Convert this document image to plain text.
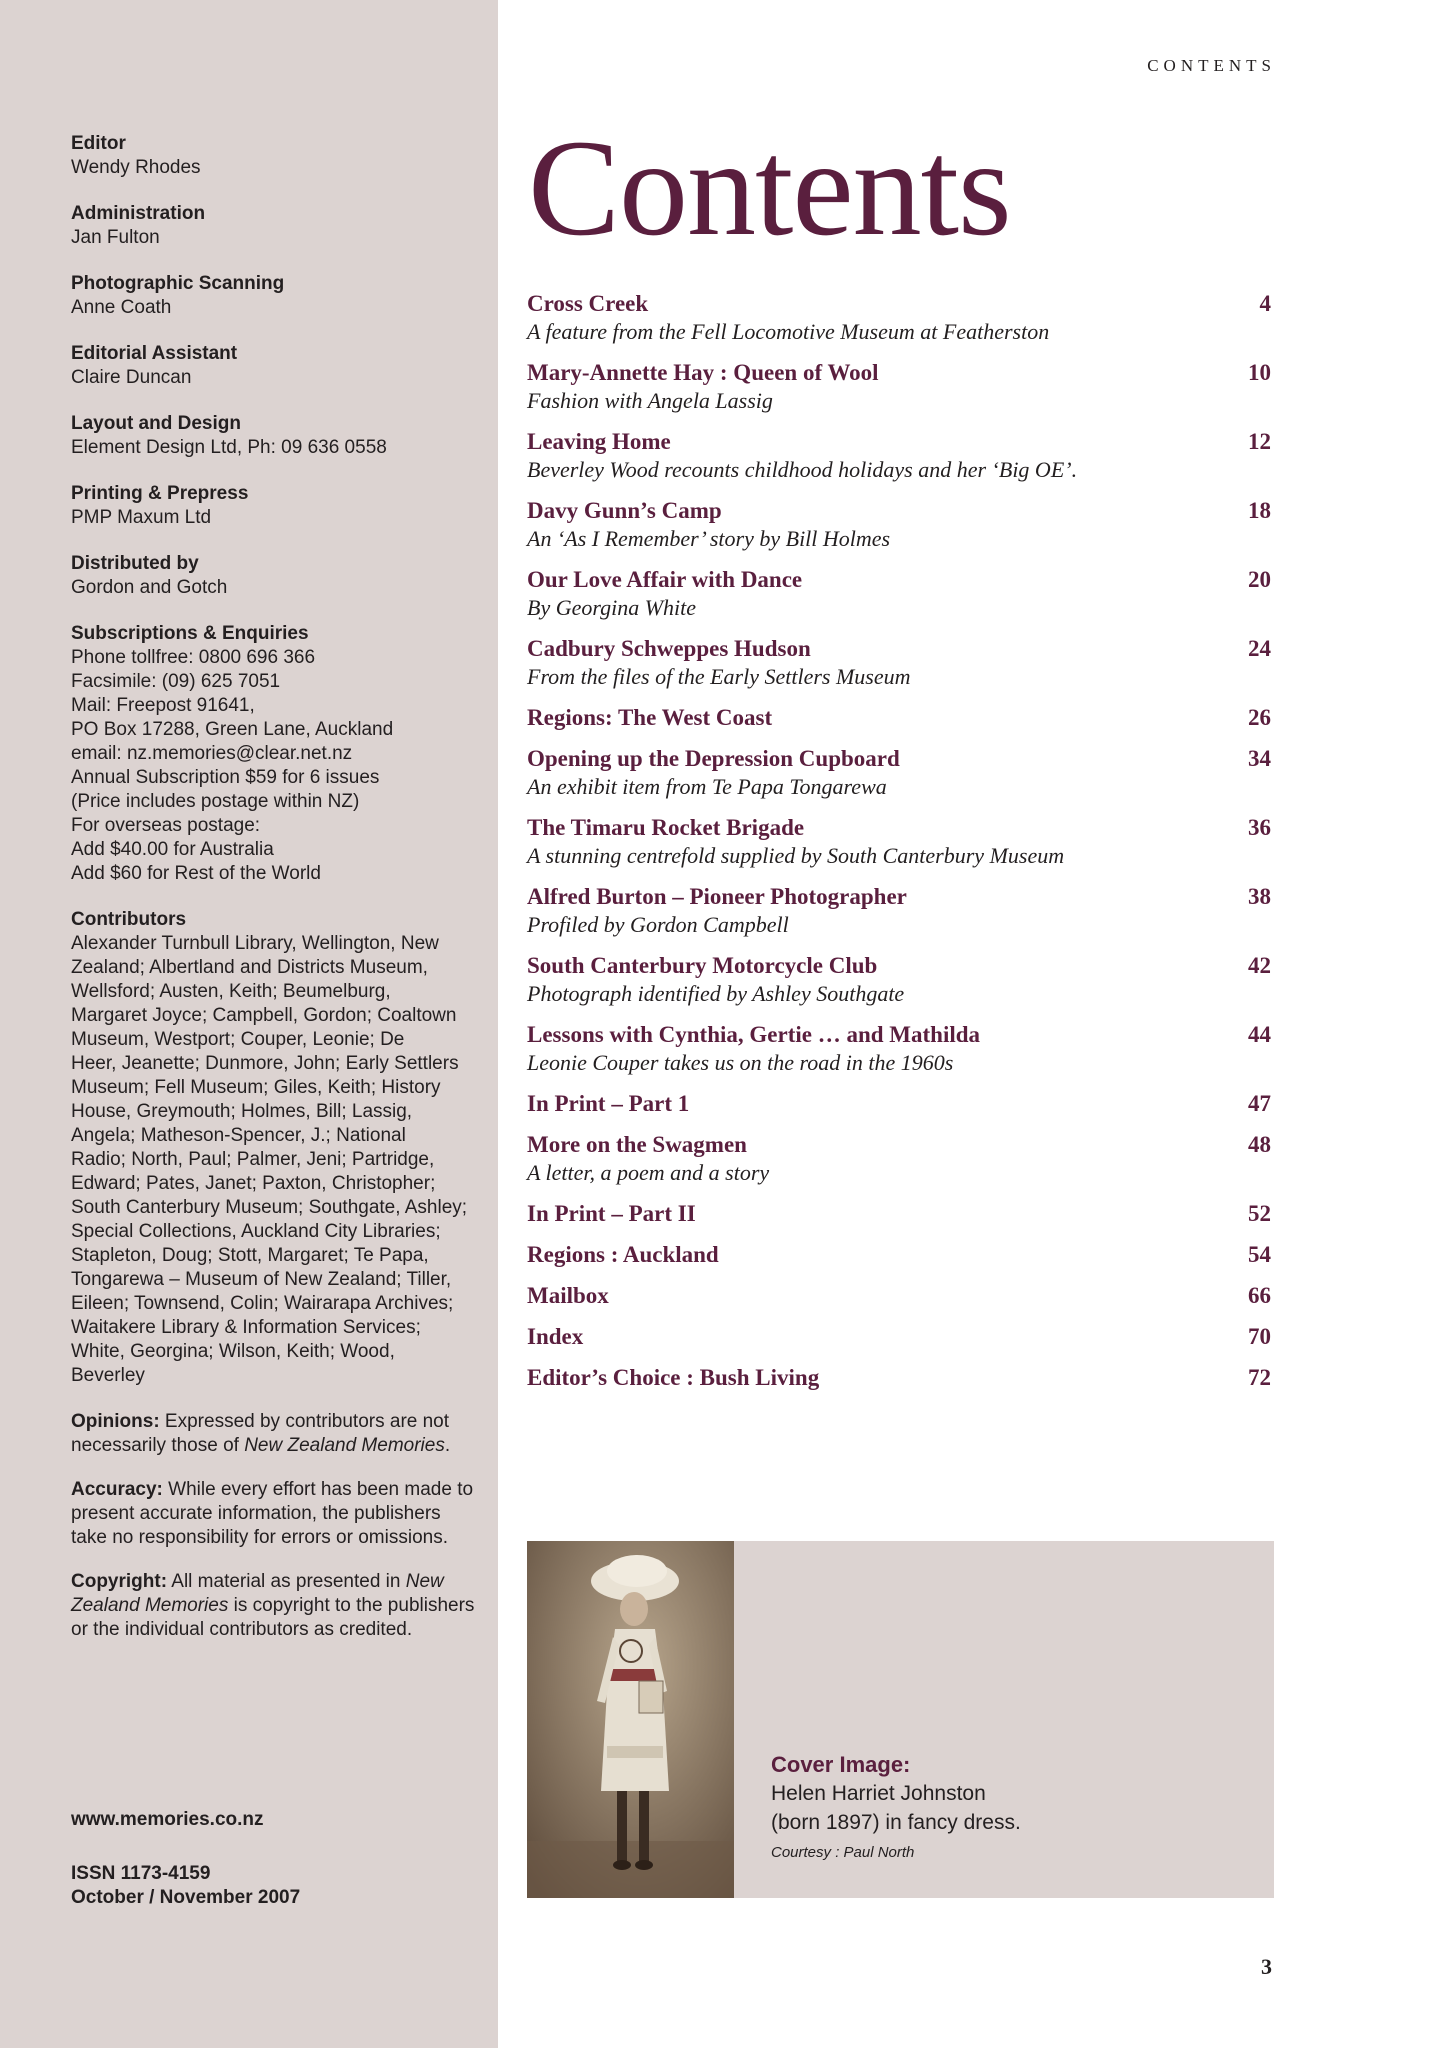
Editor
Wendy Rhodes
Administration
Jan Fulton
Photographic Scanning
Anne Coath
Editorial Assistant
Claire Duncan
Layout and Design
Element Design Ltd, Ph: 09 636 0558
Printing & Prepress
PMP Maxum Ltd
Distributed by
Gordon and Gotch
Subscriptions & Enquiries
Phone tollfree: 0800 696 366
Facsimile: (09) 625 7051
Mail: Freepost 91641,
PO Box 17288, Green Lane, Auckland
email: nz.memories@clear.net.nz
Annual Subscription $59 for 6 issues
(Price includes postage within NZ)
For overseas postage:
Add $40.00 for Australia
Add $60 for Rest of the World
Contributors
Alexander Turnbull Library, Wellington, New
Zealand; Albertland and Districts Museum,
Wellsford; Austen, Keith; Beumelburg,
Margaret Joyce; Campbell, Gordon; Coaltown
Museum, Westport; Couper, Leonie; De
Heer, Jeanette; Dunmore, John; Early Settlers
Museum; Fell Museum; Giles, Keith; History
House, Greymouth; Holmes, Bill; Lassig,
Angela; Matheson-Spencer, J.; National
Radio; North, Paul; Palmer, Jeni; Partridge,
Edward; Pates, Janet; Paxton, Christopher;
South Canterbury Museum; Southgate, Ashley;
Special Collections, Auckland City Libraries;
Stapleton, Doug; Stott, Margaret; Te Papa,
Tongarewa – Museum of New Zealand; Tiller,
Eileen; Townsend, Colin; Wairarapa Archives;
Waitakere Library & Information Services;
White, Georgina; Wilson, Keith; Wood,
Beverley

Opinions: Expressed by contributors are not necessarily those of New Zealand Memories.

Accuracy: While every effort has been made to present accurate information, the publishers take no responsibility for errors or omissions.

Copyright: All material as presented in New Zealand Memories is copyright to the publishers or the individual contributors as credited.

www.memories.co.nz
ISSN 1173-4159
October / November 2007
CONTENTS
Contents
Cross Creek	4
A feature from the Fell Locomotive Museum at Featherston
Mary-Annette Hay : Queen of Wool	10
Fashion with Angela Lassig
Leaving Home	12
Beverley Wood recounts childhood holidays and her ‘Big OE’.
Davy Gunn’s Camp	18
An ‘As I Remember’ story by Bill Holmes
Our Love Affair with Dance	20
By Georgina White
Cadbury Schweppes Hudson	24
From the files of the Early Settlers Museum
Regions: The West Coast	26
Opening up the Depression Cupboard	34
An exhibit item from Te Papa Tongarewa
The Timaru Rocket Brigade	36
A stunning centrefold supplied by South Canterbury Museum
Alfred Burton – Pioneer Photographer	38
Profiled by Gordon Campbell
South Canterbury Motorcycle Club	42
Photograph identified by Ashley Southgate
Lessons with Cynthia, Gertie … and Mathilda	44
Leonie Couper takes us on the road in the 1960s
In Print – Part 1	47
More on the Swagmen	48
A letter, a poem and a story
In Print – Part II	52
Regions : Auckland	54
Mailbox	66
Index	70
Editor’s Choice : Bush Living	72
Cover Image:
Helen Harriet Johnston
(born 1897) in fancy dress.
Courtesy : Paul North
3
